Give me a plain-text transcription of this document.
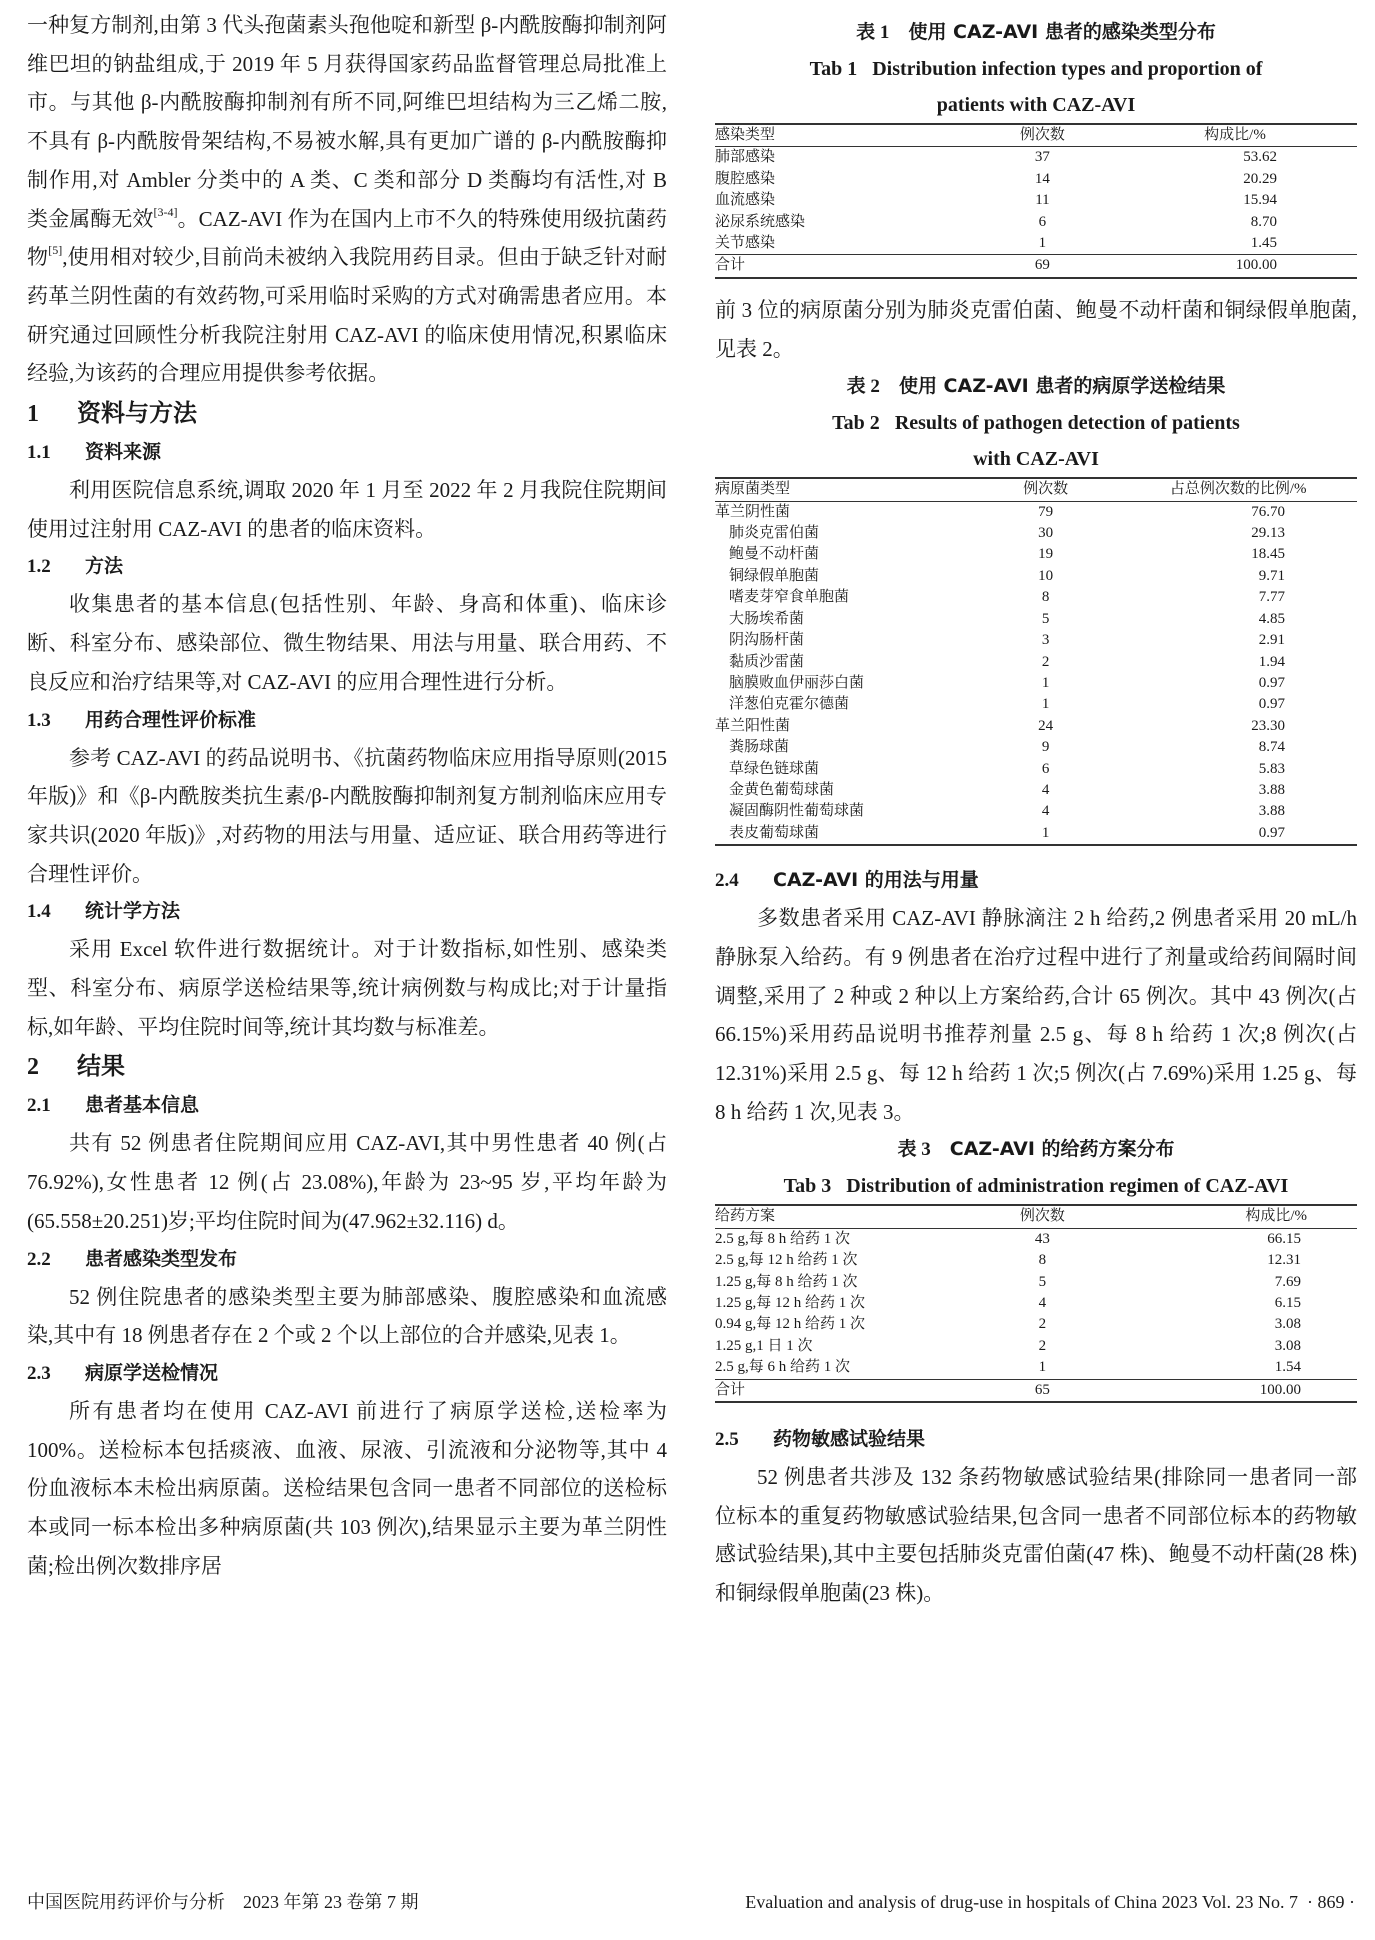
一种复方制剂,由第 3 代头孢菌素头孢他啶和新型 β-内酰胺酶抑制剂阿维巴坦的钠盐组成,于 2019 年 5 月获得国家药品监督管理总局批准上市。与其他 β-内酰胺酶抑制剂有所不同,阿维巴坦结构为三乙烯二胺,不具有 β-内酰胺骨架结构,不易被水解,具有更加广谱的 β-内酰胺酶抑制作用,对 Ambler 分类中的 A 类、C 类和部分 D 类酶均有活性,对 B 类金属酶无效[3-4]。CAZ-AVI 作为在国内上市不久的特殊使用级抗菌药物[5],使用相对较少,目前尚未被纳入我院用药目录。但由于缺乏针对耐药革兰阴性菌的有效药物,可采用临时采购的方式对确需患者应用。本研究通过回顾性分析我院注射用 CAZ-AVI 的临床使用情况,积累临床经验,为该药的合理应用提供参考依据。

1 资料与方法
1.1 资料来源

利用医院信息系统,调取 2020 年 1 月至 2022 年 2 月我院住院期间使用过注射用 CAZ-AVI 的患者的临床资料。

1.2 方法

收集患者的基本信息(包括性别、年龄、身高和体重)、临床诊断、科室分布、感染部位、微生物结果、用法与用量、联合用药、不良反应和治疗结果等,对 CAZ-AVI 的应用合理性进行分析。

1.3 用药合理性评价标准

参考 CAZ-AVI 的药品说明书、《抗菌药物临床应用指导原则(2015 年版)》和《β-内酰胺类抗生素/β-内酰胺酶抑制剂复方制剂临床应用专家共识(2020 年版)》,对药物的用法与用量、适应证、联合用药等进行合理性评价。

1.4 统计学方法

采用 Excel 软件进行数据统计。对于计数指标,如性别、感染类型、科室分布、病原学送检结果等,统计病例数与构成比;对于计量指标,如年龄、平均住院时间等,统计其均数与标准差。

2 结果
2.1 患者基本信息

共有 52 例患者住院期间应用 CAZ-AVI,其中男性患者 40 例(占 76.92%),女性患者 12 例(占 23.08%),年龄为 23~95 岁,平均年龄为(65.558±20.251)岁;平均住院时间为(47.962±32.116) d。

2.2 患者感染类型发布

52 例住院患者的感染类型主要为肺部感染、腹腔感染和血流感染,其中有 18 例患者存在 2 个或 2 个以上部位的合并感染,见表 1。

2.3 病原学送检情况

所有患者均在使用 CAZ-AVI 前进行了病原学送检,送检率为 100%。送检标本包括痰液、血液、尿液、引流液和分泌物等,其中 4 份血液标本未检出病原菌。送检结果包含同一患者不同部位的送检标本或同一标本检出多种病原菌(共 103 例次),结果显示主要为革兰阴性菌;检出例次数排序居

表 1　 使用 CAZ-AVI 患者的感染类型分布

Tab 1 Distribution infection types and proportion of
patients with CAZ-AVI

感染类型	例次数	构成比/%
肺部感染	37	53.62
腹腔感染	14	20.29
血流感染	11	15.94
泌尿系统感染	6	8.70
关节感染	1	1.45
合计	69	100.00

前 3 位的病原菌分别为肺炎克雷伯菌、鲍曼不动杆菌和铜绿假单胞菌,见表 2。

表 2　 使用 CAZ-AVI 患者的病原学送检结果

Tab 2 Results of pathogen detection of patients
with CAZ-AVI

病原菌类型	例次数	占总例次数的比例/%
革兰阴性菌	79	76.70
肺炎克雷伯菌	30	29.13
鲍曼不动杆菌	19	18.45
铜绿假单胞菌	10	9.71
嗜麦芽窄食单胞菌	8	7.77
大肠埃希菌	5	4.85
阴沟肠杆菌	3	2.91
黏质沙雷菌	2	1.94
脑膜败血伊丽莎白菌	1	0.97
洋葱伯克霍尔德菌	1	0.97
革兰阳性菌	24	23.30
粪肠球菌	9	8.74
草绿色链球菌	6	5.83
金黄色葡萄球菌	4	3.88
凝固酶阴性葡萄球菌	4	3.88
表皮葡萄球菌	1	0.97
2.4 CAZ-AVI 的用法与用量

多数患者采用 CAZ-AVI 静脉滴注 2 h 给药,2 例患者采用 20 mL/h 静脉泵入给药。有 9 例患者在治疗过程中进行了剂量或给药间隔时间调整,采用了 2 种或 2 种以上方案给药,合计 65 例次。其中 43 例次(占 66.15%)采用药品说明书推荐剂量 2.5 g、每 8 h 给药 1 次;8 例次(占 12.31%)采用 2.5 g、每 12 h 给药 1 次;5 例次(占 7.69%)采用 1.25 g、每 8 h 给药 1 次,见表 3。

表 3　 CAZ-AVI 的给药方案分布

Tab 3 Distribution of administration regimen of CAZ-AVI

给药方案	例次数	构成比/%
2.5 g,每 8 h 给药 1 次	43	66.15
2.5 g,每 12 h 给药 1 次	8	12.31
1.25 g,每 8 h 给药 1 次	5	7.69
1.25 g,每 12 h 给药 1 次	4	6.15
0.94 g,每 12 h 给药 1 次	2	3.08
1.25 g,1 日 1 次	2	3.08
2.5 g,每 6 h 给药 1 次	1	1.54
合计	65	100.00
2.5 药物敏感试验结果

52 例患者共涉及 132 条药物敏感试验结果(排除同一患者同一部位标本的重复药物敏感试验结果,包含同一患者不同部位标本的药物敏感试验结果),其中主要包括肺炎克雷伯菌(47 株)、鲍曼不动杆菌(28 株)和铜绿假单胞菌(23 株)。

中国医院用药评价与分析　2023 年第 23 卷第 7 期	Evaluation and analysis of drug-use in hospitals of China 2023 Vol. 23 No. 7 · 869 ·
